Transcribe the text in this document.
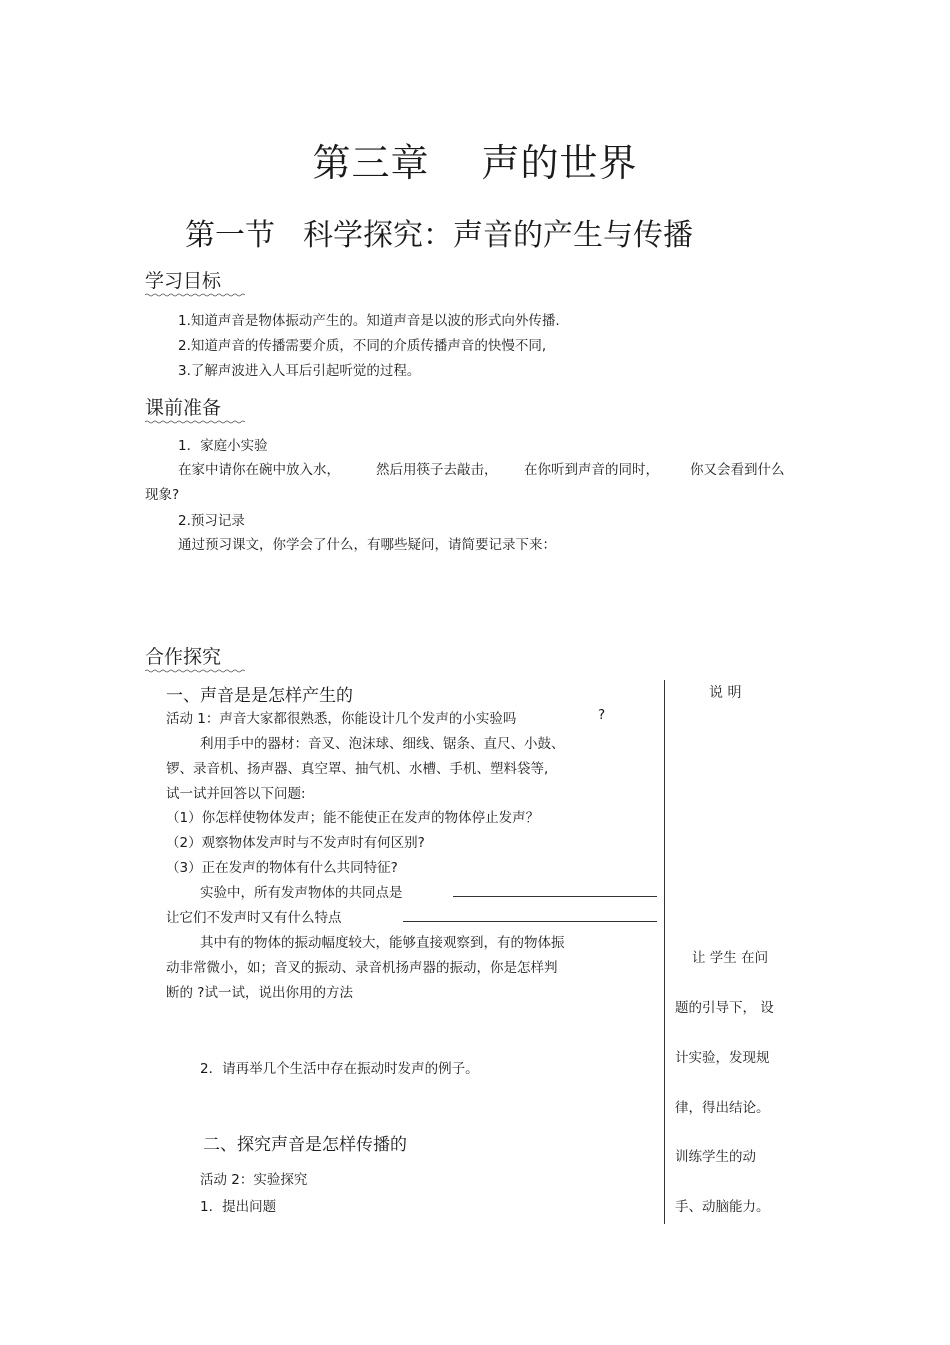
第三章 声的世界
第一节 科学探究：声音的产生与传播
学习目标
1.知道声音是物体振动产生的。知道声音是以波的形式向外传播.
2.知道声音的传播需要介质，不同的介质传播声音的快慢不同,
3.了解声波进入人耳后引起听觉的过程。
课前准备
1．家庭小实验
在家中请你在碗中放入水，	然后用筷子去敲击， 在你听到声音的同时， 你又会看到什么
现象?
2.预习记录
通过预习课文，你学会了什么，有哪些疑问，请简要记录下来：
合作探究
说 明
一、声音是是怎样产生的
活动 1：声音大家都很熟悉，你能设计几个发声的小实验吗	?
利用手中的器材：音叉、泡沫球、细线、锯条、直尺、小鼓、
锣、录音机、扬声器、真空罩、抽气机、水槽、手机、塑料袋等,
试一试并回答以下问题:
（1）你怎样使物体发声；能不能使正在发声的物体停止发声？
（2）观察物体发声时与不发声时有何区别?
（3）正在发声的物体有什么共同特征?
实验中，所有发声物体的共同点是
让它们不发声时又有什么特点
其中有的物体的振动幅度较大，能够直接观察到，有的物体振
动非常微小，如；音叉的振动、录音机扬声器的振动，你是怎样判
断的 ?试一试，说出你用的方法
2．请再举几个生活中存在振动时发声的例子。
二、探究声音是怎样传播的
活动 2：实验探究
1．提出问题
让 学生 在问
题的引导下， 设
计实验，发现规
律，得出结论。
训练学生的动
手、动脑能力。
